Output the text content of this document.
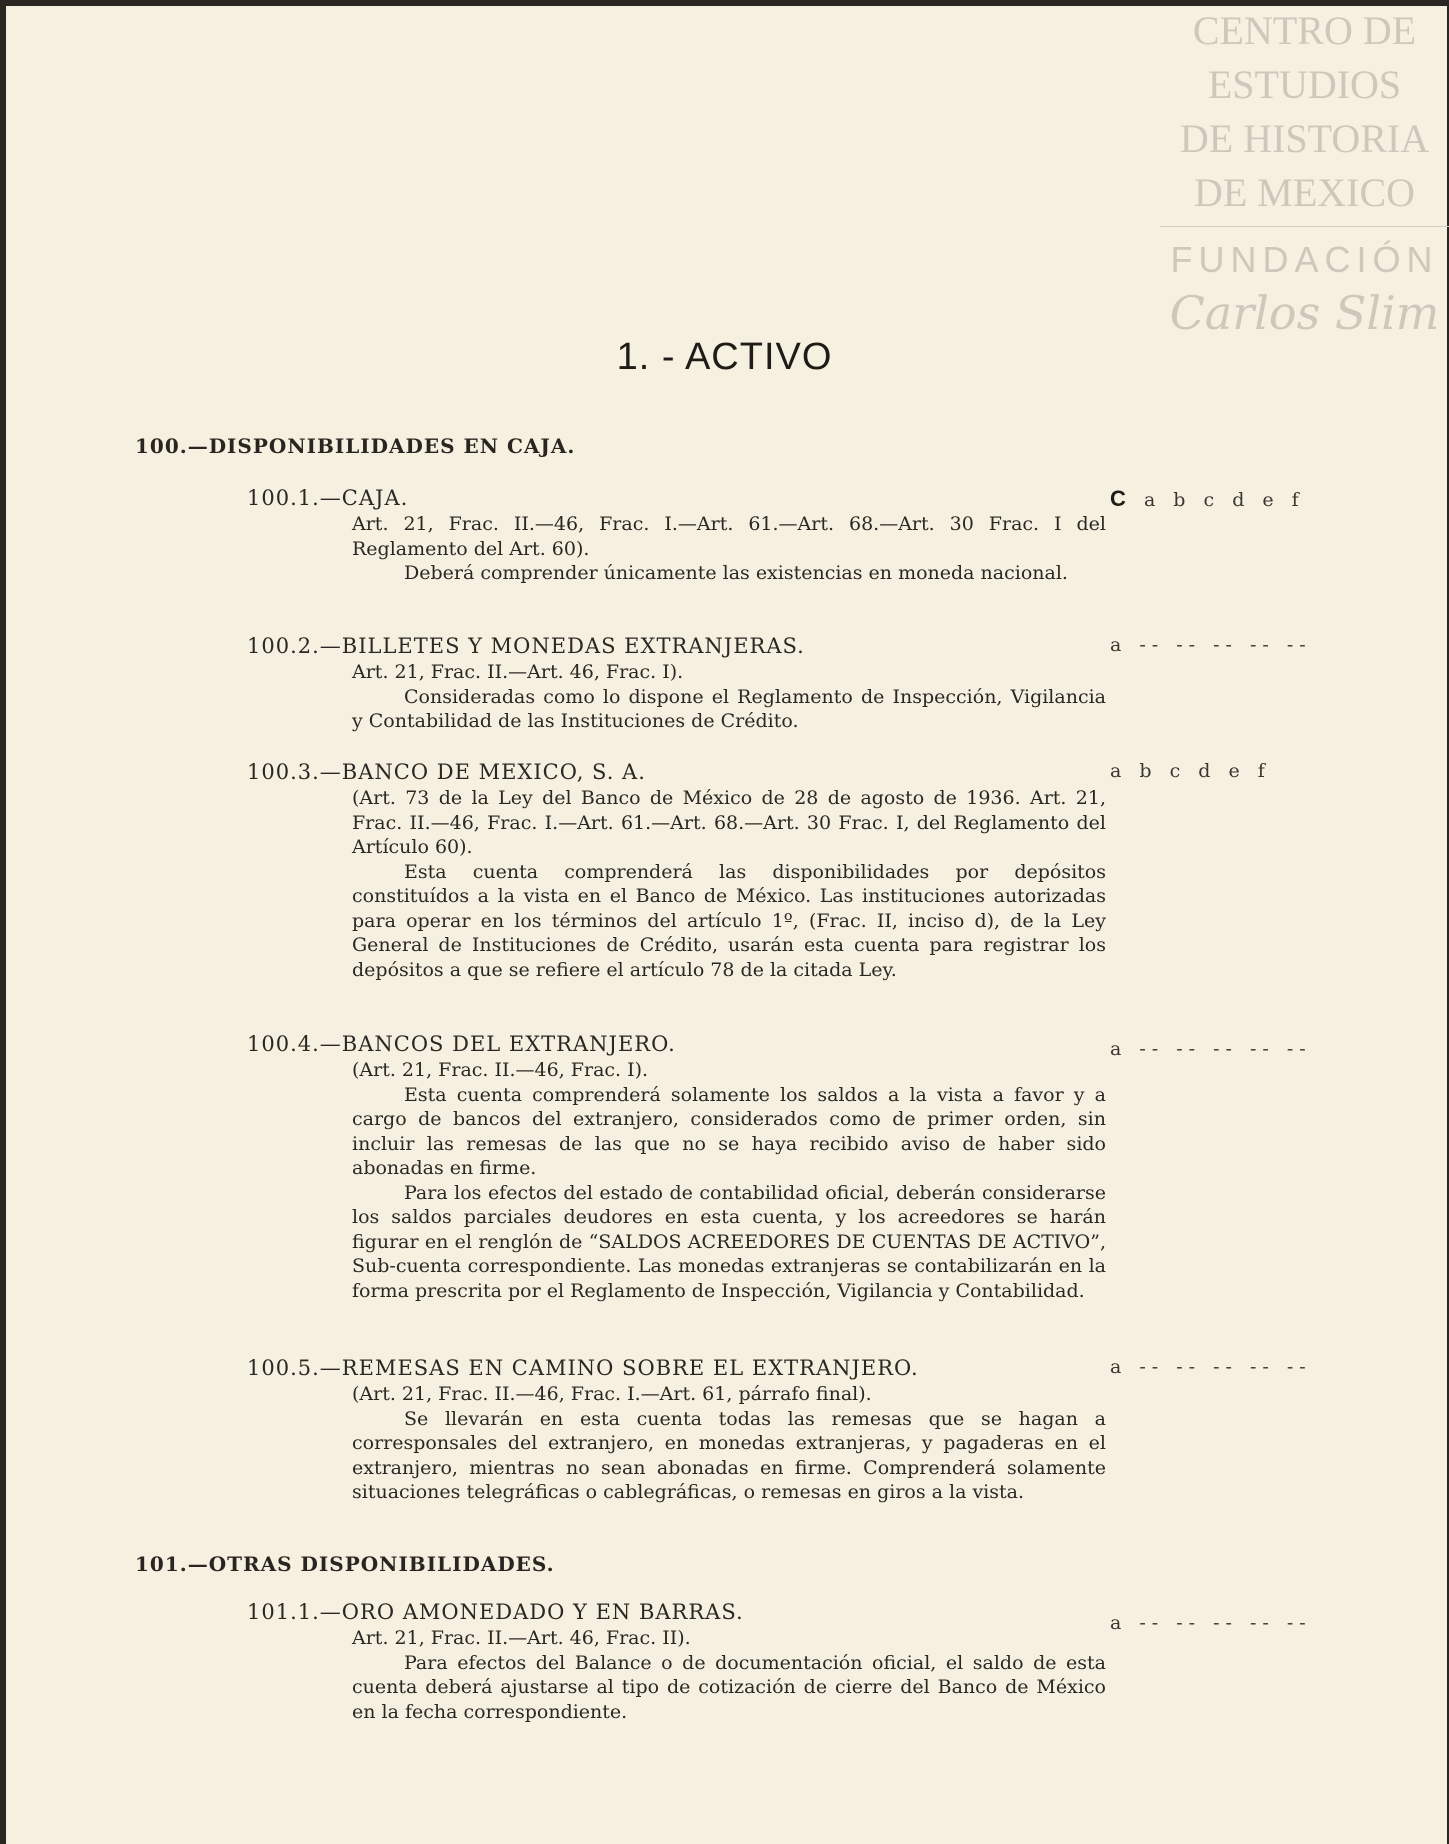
CENTRO DE
ESTUDIOS
DE HISTORIA
DE MEXICO
FUNDACIÓN
Carlos Slim
1. - ACTIVO
100.—DISPONIBILIDADES EN CAJA.
100.1.—CAJA.	C a b c d e f

Art. 21, Frac. II.—46, Frac. I.—Art. 61.—Art. 68.—Art. 30 Frac. I del Reglamento del Art. 60).

Deberá comprender únicamente las existencias en moneda nacional.

100.2.—BILLETES Y MONEDAS EXTRANJERAS.	a -- -- -- -- --

Art. 21, Frac. II.—Art. 46, Frac. I).

Consideradas como lo dispone el Reglamento de Inspección, Vigilancia y Contabilidad de las Instituciones de Crédito.

100.3.—BANCO DE MEXICO, S. A.	a b c d e f

(Art. 73 de la Ley del Banco de México de 28 de agosto de 1936. Art. 21, Frac. II.—46, Frac. I.—Art. 61.—Art. 68.—Art. 30 Frac. I, del Reglamento del Artículo 60).

Esta cuenta comprenderá las disponibilidades por depósitos constituídos a la vista en el Banco de México. Las instituciones autorizadas para operar en los términos del artículo 1º, (Frac. II, inciso d), de la Ley General de Instituciones de Crédito, usarán esta cuenta para registrar los depósitos a que se refiere el artículo 78 de la citada Ley.

100.4.—BANCOS DEL EXTRANJERO.	a -- -- -- -- --

(Art. 21, Frac. II.—46, Frac. I).

Esta cuenta comprenderá solamente los saldos a la vista a favor y a cargo de bancos del extranjero, considerados como de primer orden, sin incluir las remesas de las que no se haya recibido aviso de haber sido abonadas en firme.

Para los efectos del estado de contabilidad oficial, deberán considerarse los saldos parciales deudores en esta cuenta, y los acreedores se harán figurar en el renglón de “SALDOS ACREEDORES DE CUENTAS DE ACTIVO”, Sub-cuenta correspondiente. Las monedas extranjeras se contabilizarán en la forma prescrita por el Reglamento de Inspección, Vigilancia y Contabilidad.

100.5.—REMESAS EN CAMINO SOBRE EL EXTRANJERO.	a -- -- -- -- --

(Art. 21, Frac. II.—46, Frac. I.—Art. 61, párrafo final).

Se llevarán en esta cuenta todas las remesas que se hagan a corresponsales del extranjero, en monedas extranjeras, y pagaderas en el extranjero, mientras no sean abonadas en firme. Comprenderá solamente situaciones telegráficas o cablegráficas, o remesas en giros a la vista.

101.—OTRAS DISPONIBILIDADES.
101.1.—ORO AMONEDADO Y EN BARRAS.	a -- -- -- -- --

Art. 21, Frac. II.—Art. 46, Frac. II).

Para efectos del Balance o de documentación oficial, el saldo de esta cuenta deberá ajustarse al tipo de cotización de cierre del Banco de México en la fecha correspondiente.
